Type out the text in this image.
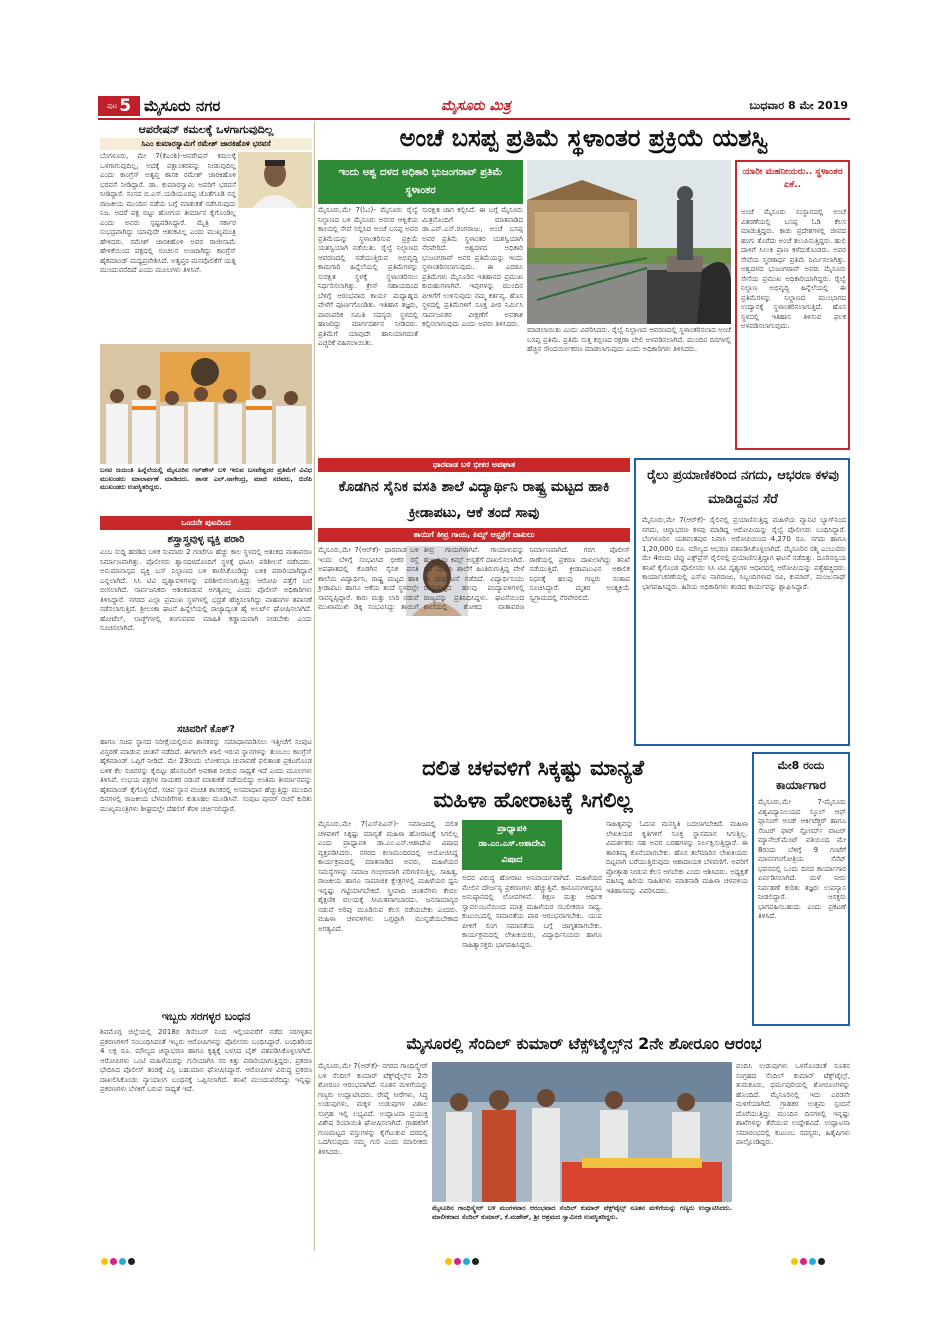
ಪುಟ 5 ಮೈಸೂರು ನಗರ	ಮೈಸೂರು ಮಿತ್ರ	ಬುಧವಾರ 8 ಮೇ 2019
ಆಪರೇಷನ್ ಕಮಲಕ್ಕೆ ಒಳಗಾಗುವುದಿಲ್ಲ
ಸಿಎಂ ಕುಮಾರಸ್ವಾಮಿಗೆ ರಮೇಶ್ ಜಾರಕಿಹೊಳಿ ಭರವಸೆ
ಬೆಂಗಳೂರು, ಮೇ 7(ಕೆಎಂಶಿ)-ಆಪರೇಷನ್ ಕಮಲಕ್ಕೆ ಒಳಗಾಗುವುದಿಲ್ಲ, ಅದಕ್ಕೆ ಪಕ್ಷಾಂತರವನ್ನು ನೀಡುವುದಿಲ್ಲ ಎಂದು ಕಾಂಗ್ರೆಸ್ ಅತೃಪ್ತ ಶಾಸಕ ರಮೇಶ್ ಜಾರಕಿಹೊಳಿ ಭರವಸೆ ನೀಡಿದ್ದಾರೆ. ಡಾ. ಕುಮಾರಸ್ವಾಮಿ ಅವರಿಗೆ ಭರವಸೆ ನೀಡಿದ್ದಾರೆ. ಸಂಸದ ಬಿ.ಎಸ್.ಯಡಿಯೂರಪ್ಪ ಜೊತೆಗೂಡಿ ನನ್ನ ರಾಜಕೀಯ ಮುಂದಿನ ನಡೆಯ ಬಗ್ಗೆ ಮಾತುಕತೆ ನಡೆಸಿರುವುದು ನಿಜ. ಆದರೆ ಪಕ್ಷ ಬಿಟ್ಟು ಹೋಗುವ ತೀರ್ಮಾನ ಕೈಗೊಂಡಿಲ್ಲ ಎಂದು ಅವರು ಸ್ಪಷ್ಟಪಡಿಸಿದ್ದಾರೆ. ಮೈತ್ರಿ ಸರ್ಕಾರ ಸುಭದ್ರವಾಗಿದ್ದು ಯಾವುದೇ ಆತಂಕವಿಲ್ಲ ಎಂದು ಮುಖ್ಯಮಂತ್ರಿ ಹೇಳಿದರು. ರಮೇಶ್ ಜಾರಕಿಹೊಳಿ ಅವರ ರಾಜೀನಾಮೆ ಹೇಳಿಕೆಯಿಂದ ಪಕ್ಷದಲ್ಲಿ ಸಂಚಲನ ಉಂಟಾಗಿದ್ದು ಕಾಂಗ್ರೆಸ್ ಹೈಕಮಾಂಡ್ ಮಧ್ಯಪ್ರವೇಶಿಸಿದೆ. ಅತೃಪ್ತರ ಮನವೊಲಿಕೆಗೆ ಯತ್ನ ಮುಂದುವರೆದಿದೆ ಎಂದು ಮೂಲಗಳು ತಿಳಿಸಿವೆ.
ಬಸವ ಜಯಂತಿ ಹಿನ್ನೆಲೆಯಲ್ಲಿ ಮೈಸೂರಿನ ಗನ್‌ಹೌಸ್ ಬಳಿ ಇರುವ ಬಸವೇಶ್ವರರ ಪ್ರತಿಮೆಗೆ ವಿವಿಧ ಮುಖಂಡರು ಮಾಲಾರ್ಪಣೆ ಮಾಡಿದರು. ಶಾಸಕ ಎಲ್.ನಾಗೇಂದ್ರ, ಮಾಜಿ ಸಚಿವರು, ಬಿಜೆಪಿ ಮುಖಂಡರು ಉಪಸ್ಥಿತರಿದ್ದರು.
ಒಂದನೇ ಪುಟದಿಂದ
ಶಸ್ತ್ರಾಸ್ತ್ರವುಳ್ಳ ವ್ಯಕ್ತಿ ಪರಾರಿ
ಎಂಬ ಸುದ್ದಿ ಹರಡಿದ ಬಳಿಕ ಸುಮಾರು 2 ಗಂಟೆಗೂ ಹೆಚ್ಚು ಕಾಲ ಸ್ಥಳದಲ್ಲಿ ಆತಂಕದ ವಾತಾವರಣ ನಿರ್ಮಾಣವಾಗಿತ್ತು. ಪೊಲೀಸರು ಶ್ವಾನದಳದೊಂದಿಗೆ ಸ್ಥಳಕ್ಕೆ ಧಾವಿಸಿ ಪರಿಶೀಲನೆ ನಡೆಸಿದರು. ಅನುಮಾನಾಸ್ಪದ ವ್ಯಕ್ತಿ ಬಸ್ ನಿಲ್ದಾಣದ ಬಳಿ ಕಾಣಿಸಿಕೊಂಡಿದ್ದು ಬಳಿಕ ಪರಾರಿಯಾಗಿದ್ದಾನೆ ಎನ್ನಲಾಗಿದೆ. ಸಿಸಿ ಟಿವಿ ದೃಶ್ಯಾವಳಿಗಳನ್ನು ಪರಿಶೀಲಿಸಲಾಗುತ್ತಿದ್ದು ಆರೋಪಿ ಪತ್ತೆಗೆ ಬಲೆ ಬೀಸಲಾಗಿದೆ. ಸಾರ್ವಜನಿಕರು ಆತಂಕಪಡುವ ಅಗತ್ಯವಿಲ್ಲ ಎಂದು ಪೊಲೀಸ್ ಅಧಿಕಾರಿಗಳು ತಿಳಿಸಿದ್ದಾರೆ. ನಗರದ ಎಲ್ಲಾ ಪ್ರಮುಖ ಸ್ಥಳಗಳಲ್ಲಿ ಭದ್ರತೆ ಹೆಚ್ಚಿಸಲಾಗಿದ್ದು ವಾಹನಗಳ ತಪಾಸಣೆ ನಡೆಸಲಾಗುತ್ತಿದೆ. ಶ್ರೀಲಂಕಾ ಘಟನೆ ಹಿನ್ನೆಲೆಯಲ್ಲಿ ರಾಜ್ಯಾದ್ಯಂತ ಹೈ ಅಲರ್ಟ್ ಘೋಷಿಸಲಾಗಿದೆ. ಹೋಟೆಲ್, ಲಾಡ್ಜ್‌ಗಳಲ್ಲಿ ತಂಗುವವರ ಮಾಹಿತಿ ಕಡ್ಡಾಯವಾಗಿ ನೀಡಬೇಕು ಎಂದು ಸೂಚಿಸಲಾಗಿದೆ.
ಸಚಿವರಿಗೆ ಕೊಕ್?
ಹಾಗೂ ಸಚಿವ ಸ್ಥಾನದ ನಿರೀಕ್ಷೆಯಲ್ಲಿರುವ ಶಾಸಕರನ್ನು ಸಮಾಧಾನಪಡಿಸಲು ಇತ್ತೀಚೆಗೆ ಸಂಪುಟ ವಿಸ್ತರಣೆ ಮಾಡುವ ಚಿಂತನೆ ನಡೆದಿದೆ. ಈಗಾಗಲೇ ಖಾಲಿ ಇರುವ ಸ್ಥಾನಗಳನ್ನು ತುಂಬಲು ಕಾಂಗ್ರೆಸ್ ಹೈಕಮಾಂಡ್ ಒಪ್ಪಿಗೆ ನೀಡಿದೆ. ಮೇ 23ರಂದು ಲೋಕಸಭಾ ಚುನಾವಣೆ ಫಲಿತಾಂಶ ಪ್ರಕಟಗೊಂಡ ಬಳಿಕ ಕೆಲ ಸಚಿವರನ್ನು ಕೈಬಿಟ್ಟು ಹೊಸಬರಿಗೆ ಅವಕಾಶ ನೀಡುವ ಸಾಧ್ಯತೆ ಇದೆ ಎಂದು ಮೂಲಗಳು ತಿಳಿಸಿವೆ. ಉಭಯ ಪಕ್ಷಗಳ ನಾಯಕರ ನಡುವೆ ಮಾತುಕತೆ ನಡೆಯಲಿದ್ದು ಅಂತಿಮ ತೀರ್ಮಾನವನ್ನು ಹೈಕಮಾಂಡ್ ಕೈಗೊಳ್ಳಲಿದೆ. ಸಚಿವ ಸ್ಥಾನ ವಂಚಿತ ಶಾಸಕರಲ್ಲಿ ಅಸಮಾಧಾನ ಹೆಚ್ಚುತ್ತಿದ್ದು ಮುಂದಿನ ದಿನಗಳಲ್ಲಿ ರಾಜಕೀಯ ಬೆಳವಣಿಗೆಗಳು ಕುತೂಹಲ ಮೂಡಿಸಿವೆ. ಸಂಪುಟ ಪುನರ್ ರಚನೆ ಕುರಿತು ಮುಖ್ಯಮಂತ್ರಿಗಳು ಶೀಘ್ರದಲ್ಲೇ ದೆಹಲಿಗೆ ತೆರಳಿ ಚರ್ಚಿಸಲಿದ್ದಾರೆ.
ಇಬ್ಬರು ಸರಗಳ್ಳರ ಬಂಧನ
ಶಿವಮೊಗ್ಗ ಜಿಲ್ಲೆಯಲ್ಲಿ 2018ರ ಡಿಸೆಂಬರ್ ನಿಂದ ಇಲ್ಲಿಯವರೆಗೆ ನಡೆದ ಸರಗಳ್ಳತನ ಪ್ರಕರಣಗಳಿಗೆ ಸಂಬಂಧಿಸಿದಂತೆ ಇಬ್ಬರು ಆರೋಪಿಗಳನ್ನು ಪೊಲೀಸರು ಬಂಧಿಸಿದ್ದಾರೆ. ಬಂಧಿತರಿಂದ 4 ಲಕ್ಷ ರೂ. ಮೌಲ್ಯದ ಚಿನ್ನಾಭರಣ ಹಾಗೂ ಕೃತ್ಯಕ್ಕೆ ಬಳಸಿದ ಬೈಕ್ ವಶಪಡಿಸಿಕೊಳ್ಳಲಾಗಿದೆ. ಆರೋಪಿಗಳು ಒಂಟಿ ಮಹಿಳೆಯರನ್ನು ಗುರಿಯಾಗಿಸಿ ಸರ ಕಿತ್ತು ಪರಾರಿಯಾಗುತ್ತಿದ್ದರು. ಪ್ರಕರಣ ಭೇದಿಸಿದ ಪೊಲೀಸ್ ತಂಡಕ್ಕೆ ಎಸ್ಪಿ ಬಹುಮಾನ ಘೋಷಿಸಿದ್ದಾರೆ. ಆರೋಪಿಗಳ ವಿರುದ್ಧ ಪ್ರಕರಣ ದಾಖಲಿಸಿಕೊಂಡು ನ್ಯಾಯಾಂಗ ಬಂಧನಕ್ಕೆ ಒಪ್ಪಿಸಲಾಗಿದೆ. ತನಿಖೆ ಮುಂದುವರೆದಿದ್ದು ಇನ್ನಷ್ಟು ಪ್ರಕರಣಗಳು ಬೆಳಕಿಗೆ ಬರುವ ಸಾಧ್ಯತೆ ಇದೆ.
ಅಂಚೆ ಬಸಪ್ಪ ಪ್ರತಿಮೆ ಸ್ಥಳಾಂತರ ಪ್ರಕ್ರಿಯೆ ಯಶಸ್ವಿ
ಇಂದು ಅಶ್ವ ದಳದ ಅಧಿಕಾರಿ ಭುಜಂಗರಾವ್ ಪ್ರತಿಮೆ ಸ್ಥಳಾಂತರ
ಮೈಸೂರು,ಮೇ 7(ಓಂ)- ಮೈಸೂರು ರೈಲ್ವೆ ನಿಲ್ದಾಣದ ಬಳಿ ಮೈಸೂರು ಅರಸರ ಆಳ್ವಿಕೆಯ ಕಾಲದಲ್ಲಿ ಸೇವೆ ಸಲ್ಲಿಸಿದ ಅಂಚೆ ಬಸಪ್ಪ ಅವರ ಪ್ರತಿಮೆಯನ್ನು ಸ್ಥಳಾಂತರಿಸುವ ಪ್ರಕ್ರಿಯೆ ಯಶಸ್ವಿಯಾಗಿ ನಡೆಯಿತು. ರೈಲ್ವೆ ನಿಲ್ದಾಣದ ಆವರಣದಲ್ಲಿ ನಡೆಯುತ್ತಿರುವ ಅಭಿವೃದ್ಧಿ ಕಾಮಗಾರಿ ಹಿನ್ನೆಲೆಯಲ್ಲಿ ಪ್ರತಿಮೆಗಳನ್ನು ಸುರಕ್ಷಿತ ಸ್ಥಳಕ್ಕೆ ಸ್ಥಳಾಂತರಿಸಲು ನಿರ್ಧರಿಸಲಾಗಿತ್ತು. ಕ್ರೇನ್ ಸಹಾಯದಿಂದ ಬೆಳಿಗ್ಗೆ ಆರಂಭವಾದ ಕಾರ್ಯ ಮಧ್ಯಾಹ್ನದ ವೇಳೆಗೆ ಪೂರ್ಣಗೊಂಡಿತು. ಇತಿಹಾಸ ತಜ್ಞರು, ಪಾರಂಪರಿಕ ಸಮಿತಿ ಸದಸ್ಯರು ಸ್ಥಳದಲ್ಲಿ ಹಾಜರಿದ್ದು ಮಾರ್ಗದರ್ಶನ ನೀಡಿದರು. ಪ್ರತಿಮೆಗೆ ಯಾವುದೇ ಹಾನಿಯಾಗದಂತೆ ಎಚ್ಚರಿಕೆ ವಹಿಸಲಾಯಿತು.
ಸುರಕ್ಷಿತ ಜಾಗ ಕಲ್ಪಿಸಿದೆ. ಈ ಬಗ್ಗೆ ಮೈಸೂರು ಮಿತ್ರನೊಂದಿಗೆ ಮಾತನಾಡಿದ ಡಾ.ಎನ್.ಎಸ್.ರಂಗರಾಜು, ಅಂಚೆ ಬಸಪ್ಪ ಅವರ ಪ್ರತಿಮೆ ಸ್ಥಳಾಂತರ ಯಶಸ್ವಿಯಾಗಿ ನೆರವೇರಿದೆ. ಅಶ್ವದಳದ ಅಧಿಕಾರಿ ಭುಜಂಗರಾವ್ ಅವರ ಪ್ರತಿಮೆಯನ್ನು ಇಂದು ಸ್ಥಳಾಂತರಿಸಲಾಗುವುದು. ಈ ಎರಡೂ ಪ್ರತಿಮೆಗಳು ಮೈಸೂರಿನ ಇತಿಹಾಸದ ಪ್ರಮುಖ ಕುರುಹುಗಳಾಗಿವೆ. ಇವುಗಳನ್ನು ಮುಂದಿನ ಪೀಳಿಗೆಗೆ ಉಳಿಸುವುದು ನಮ್ಮ ಕರ್ತವ್ಯ. ಹೊಸ ಸ್ಥಳದಲ್ಲಿ ಪ್ರತಿಮೆಗಳಿಗೆ ಸೂಕ್ತ ಪೀಠ ನಿರ್ಮಿಸಿ ಸಾರ್ವಜನಿಕರ ವೀಕ್ಷಣೆಗೆ ಅವಕಾಶ ಕಲ್ಪಿಸಲಾಗುವುದು ಎಂದು ಅವರು ತಿಳಿಸಿದರು.
ಮಾಡಲಾಯಿತು ಎಂದು ವಿವರಿಸಿದರು. ರೈಲ್ವೆ ನಿಲ್ದಾಣದ ಆವರಣದಲ್ಲಿ ಸ್ಥಳಾಂತರಿಸಲಾದ ಅಂಚೆ ಬಸಪ್ಪ ಪ್ರತಿಮೆ. ಪ್ರತಿಮೆ ಸುತ್ತ ಕಬ್ಬಿಣದ ರಕ್ಷಣಾ ಬೇಲಿ ಅಳವಡಿಸಲಾಗಿದೆ. ಮುಂದಿನ ದಿನಗಳಲ್ಲಿ ಹೆಚ್ಚಿನ ಸೌಂದರ್ಯೀಕರಣ ಮಾಡಲಾಗುವುದು ಎಂದು ಅಧಿಕಾರಿಗಳು ತಿಳಿಸಿದರು.
ಯಾರೀ ಮಹನೀಯರು.. ಸ್ಥಳಾಂತರ ಏಕೆ..
ಅಂಚೆ ಮೈಸೂರು ಸಂಸ್ಥಾನದಲ್ಲಿ ಅಂಚೆ ವಿತರಣೆಯಲ್ಲಿ ಬಸಪ್ಪ ಓಡಿ ಕೆಲಸ ಮಾಡುತ್ತಿದ್ದರು. ಕಾಡು ಪ್ರದೇಶಗಳಲ್ಲಿ ಜೀವದ ಹಂಗು ತೊರೆದು ಅಂಚೆ ತಲುಪಿಸುತ್ತಿದ್ದರು. ಹುಲಿ ದಾಳಿಗೆ ಸಿಲುಕಿ ಪ್ರಾಣ ಕಳೆದುಕೊಂಡರು. ಅವರ ಸೇವೆಯ ಸ್ಮರಣಾರ್ಥ ಪ್ರತಿಮೆ ನಿರ್ಮಿಸಲಾಗಿತ್ತು. ಅಶ್ವದಳದ ಭುಜಂಗರಾವ್ ಅವರು ಮೈಸೂರು ಸೇನೆಯ ಪ್ರಮುಖ ಅಧಿಕಾರಿಯಾಗಿದ್ದರು. ರೈಲ್ವೆ ನಿಲ್ದಾಣ ಅಭಿವೃದ್ಧಿ ಹಿನ್ನೆಲೆಯಲ್ಲಿ ಈ ಪ್ರತಿಮೆಗಳನ್ನು ನಿಲ್ದಾಣದ ಮುಂಭಾಗದ ಉದ್ಯಾನಕ್ಕೆ ಸ್ಥಳಾಂತರಿಸಲಾಗುತ್ತಿದೆ. ಹೊಸ ಸ್ಥಳದಲ್ಲಿ ಇತಿಹಾಸ ತಿಳಿಸುವ ಫಲಕ ಅಳವಡಿಸಲಾಗುವುದು.
ಧಾರವಾಡ ಬಳಿ ಭೀಕರ ಅಪಘಾತ
ಕೊಡಗಿನ ಸೈನಿಕ ವಸತಿ ಶಾಲೆ ವಿದ್ಯಾರ್ಥಿನಿ ರಾಷ್ಟ್ರ ಮಟ್ಟದ ಹಾಕಿ ಕ್ರೀಡಾಪಟು, ಆಕೆ ತಂದೆ ಸಾವು
ತಾಯಿಗೆ ತೀವ್ರ ಗಾಯ, ಕಿಮ್ಸ್ ಆಸ್ಪತ್ರೆಗೆ ದಾಖಲು
ಮೈಸೂರು,ಮೇ 7(ಆರ್‌ಕೆ)- ಧಾರವಾಡ ಬಳಿ ಇಂದು ಬೆಳಿಗ್ಗೆ ಸಂಭವಿಸಿದ ಭೀಕರ ರಸ್ತೆ ಅಪಘಾತದಲ್ಲಿ ಕೊಡಗಿನ ಸೈನಿಕ ವಸತಿ ಶಾಲೆಯ ವಿದ್ಯಾರ್ಥಿನಿ, ರಾಷ್ಟ್ರ ಮಟ್ಟದ ಹಾಕಿ ಕ್ರೀಡಾಪಟು ಹಾಗೂ ಆಕೆಯ ತಂದೆ ಸ್ಥಳದಲ್ಲೇ ಸಾವನ್ನಪ್ಪಿದ್ದಾರೆ. ಕಾರು ಮತ್ತು ಲಾರಿ ನಡುವೆ ಮುಖಾಮುಖಿ ಡಿಕ್ಕಿ ಸಂಭವಿಸಿದ್ದು ತಾಯಿಗೆ ತೀವ್ರ ಗಾಯಗಳಾಗಿವೆ. ಗಾಯಾಳುವನ್ನು ಹುಬ್ಬಳ್ಳಿಯ ಕಿಮ್ಸ್ ಆಸ್ಪತ್ರೆಗೆ ದಾಖಲಿಸಲಾಗಿದೆ. ರಜೆ ಮುಗಿಸಿ ಶಾಲೆಗೆ ಹಿಂತಿರುಗುತ್ತಿದ್ದ ವೇಳೆ ಈ ದುರ್ಘಟನೆ ನಡೆದಿದೆ. ವಿದ್ಯಾರ್ಥಿನಿಯು ರಾಷ್ಟ್ರಮಟ್ಟದ ಹಲವು ಪಂದ್ಯಾವಳಿಗಳಲ್ಲಿ ರಾಜ್ಯವನ್ನು ಪ್ರತಿನಿಧಿಸಿದ್ದಳು. ಘಟನೆಯಿಂದ ಶಾಲೆಯಲ್ಲಿ ಶೋಕದ ವಾತಾವರಣ ನಿರ್ಮಾಣವಾಗಿದೆ. ಗರಗ ಪೊಲೀಸ್ ಠಾಣೆಯಲ್ಲಿ ಪ್ರಕರಣ ದಾಖಲಾಗಿದ್ದು ತನಿಖೆ ನಡೆಯುತ್ತಿದೆ. ಕ್ರೀಡಾಪಟುವಿನ ಅಕಾಲಿಕ ನಿಧನಕ್ಕೆ ಹಲವು ಗಣ್ಯರು ಸಂತಾಪ ಸೂಚಿಸಿದ್ದಾರೆ. ಮೃತರ ಅಂತ್ಯಕ್ರಿಯೆ ಸ್ವಗ್ರಾಮದಲ್ಲಿ ನೆರವೇರಲಿದೆ.
ರೈಲು ಪ್ರಯಾಣಿಕರಿಂದ ನಗದು, ಆಭರಣ ಕಳವು ಮಾಡಿದ್ದವನ ಸೆರೆ
ಮೈಸೂರು,ಮೇ 7(ಆರ್‌ಕೆ)- ರೈಲಿನಲ್ಲಿ ಪ್ರಯಾಣಿಸುತ್ತಿದ್ದ ಮಹಿಳೆಯ ವ್ಯಾನಿಟಿ ಬ್ಯಾಗ್‌ನಿಂದ ನಗದು, ಚಿನ್ನಾಭರಣ ಕಳವು ಮಾಡಿದ್ದ ಆರೋಪಿಯನ್ನು ರೈಲ್ವೆ ಪೊಲೀಸರು ಬಂಧಿಸಿದ್ದಾರೆ. ಬೆಂಗಳೂರಿನ ಯಶವಂತಪುರ ನಿವಾಸಿ ಆರೋಪಿಯಿಂದ 4,270 ರೂ. ನಗದು ಹಾಗೂ 1,20,000 ರೂ. ಮೌಲ್ಯದ ಆಭರಣ ವಶಪಡಿಸಿಕೊಳ್ಳಲಾಗಿದೆ. ಮೈಸೂರಿನ ರಶ್ಮಿ ಎಂಬುವರು ಮೇ 4ರಂದು ಟಿಪ್ಪು ಎಕ್ಸ್‌ಪ್ರೆಸ್ ರೈಲಿನಲ್ಲಿ ಪ್ರಯಾಣಿಸುತ್ತಿದ್ದಾಗ ಘಟನೆ ನಡೆದಿತ್ತು. ದೂರಿನನ್ವಯ ತನಿಖೆ ಕೈಗೊಂಡ ಪೊಲೀಸರು ಸಿಸಿ ಟಿವಿ ದೃಶ್ಯಗಳ ಆಧಾರದಲ್ಲಿ ಆರೋಪಿಯನ್ನು ಪತ್ತೆಹಚ್ಚಿದರು. ಕಾರ್ಯಾಚರಣೆಯಲ್ಲಿ ಎಸ್‌ಐ ನಾಗರಾಜು, ಸಿಬ್ಬಂದಿಗಳಾದ ರವಿ, ಕುಮಾರ್, ಮಂಜುನಾಥ್ ಭಾಗವಹಿಸಿದ್ದರು. ಹಿರಿಯ ಅಧಿಕಾರಿಗಳು ತಂಡದ ಕಾರ್ಯವನ್ನು ಶ್ಲಾಘಿಸಿದ್ದಾರೆ.
ದಲಿತ ಚಳವಳಿಗೆ ಸಿಕ್ಕಷ್ಟು ಮಾನ್ಯತೆ
ಮಹಿಳಾ ಹೋರಾಟಕ್ಕೆ ಸಿಗಲಿಲ್ಲ
ಮೈಸೂರು,ಮೇ 7(ಎಸ್‌ಪಿಎನ್)- ಸಮಾಜದಲ್ಲಿ ದಲಿತ ಚಳವಳಿಗೆ ಸಿಕ್ಕಷ್ಟು ಮಾನ್ಯತೆ ಮಹಿಳಾ ಹೋರಾಟಕ್ಕೆ ಸಿಗಲಿಲ್ಲ ಎಂದು ಪ್ರಾಧ್ಯಾಪಕಿ ಡಾ.ಎಂ.ಎಸ್.ಆಶಾದೇವಿ ವಿಷಾದ ವ್ಯಕ್ತಪಡಿಸಿದರು. ನಗರದ ಕಲಾಮಂದಿರದಲ್ಲಿ ಆಯೋಜಿಸಿದ್ದ ಕಾರ್ಯಕ್ರಮದಲ್ಲಿ ಮಾತನಾಡಿದ ಅವರು, ಮಹಿಳೆಯರ ಸಮಸ್ಯೆಗಳನ್ನು ಸಮಾಜ ಗಂಭೀರವಾಗಿ ಪರಿಗಣಿಸುತ್ತಿಲ್ಲ. ಸಾಹಿತ್ಯ, ರಾಜಕೀಯ ಹಾಗೂ ಸಾಮಾಜಿಕ ಕ್ಷೇತ್ರಗಳಲ್ಲಿ ಮಹಿಳೆಯರ ಧ್ವನಿ ಇನ್ನಷ್ಟು ಗಟ್ಟಿಯಾಗಬೇಕಿದೆ. ಸ್ತ್ರೀವಾದಿ ಚಿಂತನೆಗಳು ಕೇವಲ ಶೈಕ್ಷಣಿಕ ವಲಯಕ್ಕೆ ಸೀಮಿತವಾಗಬಾರದು. ಜನಸಾಮಾನ್ಯರ ನಡುವೆ ಅರಿವು ಮೂಡಿಸುವ ಕೆಲಸ ನಡೆಯಬೇಕು ಎಂದರು. ಮಹಿಳಾ ಚಳವಳಿಗಳು ಒಗ್ಗಟ್ಟಾಗಿ ಮುನ್ನಡೆಯಬೇಕಾದ ಅಗತ್ಯವಿದೆ.
ಪ್ರಾಧ್ಯಾಪಕಿ
ಡಾ.ಎಂ.ಎಸ್.ಆಶಾದೇವಿ
ವಿಷಾದ
ಅದರ ವಿರುದ್ಧ ಹೋರಾಟ ಅನಿವಾರ್ಯವಾಗಿದೆ. ಮಹಿಳೆಯರ ಮೇಲಿನ ದೌರ್ಜನ್ಯ ಪ್ರಕರಣಗಳು ಹೆಚ್ಚುತ್ತಿವೆ. ಕಾನೂನುಗಳಿದ್ದರೂ ಅನುಷ್ಠಾನದಲ್ಲಿ ಲೋಪಗಳಿವೆ. ಶಿಕ್ಷಣ ಮತ್ತು ಆರ್ಥಿಕ ಸ್ವಾವಲಂಬನೆಯಿಂದ ಮಾತ್ರ ಮಹಿಳೆಯರ ಸಬಲೀಕರಣ ಸಾಧ್ಯ. ಕುಟುಂಬದಲ್ಲಿ ಸಮಾನತೆಯ ಪಾಠ ಆರಂಭವಾಗಬೇಕು. ಯುವ ಪೀಳಿಗೆ ಲಿಂಗ ಸಮಾನತೆಯ ಬಗ್ಗೆ ಜಾಗೃತರಾಗಬೇಕು. ಕಾರ್ಯಕ್ರಮದಲ್ಲಿ ಲೇಖಕಿಯರು, ವಿದ್ಯಾರ್ಥಿನಿಯರು ಹಾಗೂ ಸಾಹಿತ್ಯಾಸಕ್ತರು ಭಾಗವಹಿಸಿದ್ದರು.
ಸಾಹಿತ್ಯವನ್ನು ಓದುವ ಮನಸ್ಥಿತಿ ಬದಲಾಗಬೇಕಿದೆ. ಮಹಿಳಾ ಲೇಖಕಿಯರ ಕೃತಿಗಳಿಗೆ ಸೂಕ್ತ ಸ್ಥಾನಮಾನ ಸಿಗುತ್ತಿಲ್ಲ. ವಿಮರ್ಶಕರು ಸಹ ಅವರ ಬರಹಗಳನ್ನು ನಿರ್ಲಕ್ಷಿಸುತ್ತಿದ್ದಾರೆ. ಈ ತಾರತಮ್ಯ ಕೊನೆಯಾಗಬೇಕು. ಹೊಸ ತಲೆಮಾರಿನ ಲೇಖಕಿಯರು ದಿಟ್ಟವಾಗಿ ಬರೆಯುತ್ತಿರುವುದು ಆಶಾದಾಯಕ ಬೆಳವಣಿಗೆ. ಅವರಿಗೆ ಪ್ರೋತ್ಸಾಹ ನೀಡುವ ಕೆಲಸ ಆಗಬೇಕು ಎಂದು ಆಶಿಸಿದರು. ಅಧ್ಯಕ್ಷತೆ ವಹಿಸಿದ್ದ ಹಿರಿಯ ಸಾಹಿತಿಗಳು ಮಾತನಾಡಿ ಮಹಿಳಾ ಚಳವಳಿಯ ಇತಿಹಾಸವನ್ನು ವಿವರಿಸಿದರು.
ಮೇ8 ರಂದು
ಕಾರ್ಯಾಗಾರ
ಮೈಸೂರು,ಮೇ 7-ಮೈಸೂರು ವಿಶ್ವವಿದ್ಯಾನಿಲಯದ ಸ್ಕೂಲ್ ಆಫ್ ಪ್ಲಾನಿಂಗ್ ಅಂಡ್ ಆರ್ಕಿಟೆಕ್ಚರ್ ಹಾಗೂ ಸೆಂಟರ್ ಫಾರ್ ಸ್ಟೋರ್ಮ್ ವಾಟರ್ ಮ್ಯಾನೇಜ್‌ಮೆಂಟ್ ವತಿಯಿಂದ ಮೇ 8ರಂದು ಬೆಳಿಗ್ಗೆ 9 ಗಂಟೆಗೆ ಮಾನಸಗಂಗೋತ್ರಿಯ ಸೆನೆಟ್ ಭವನದಲ್ಲಿ ಒಂದು ದಿನದ ಕಾರ್ಯಾಗಾರ ಏರ್ಪಡಿಸಲಾಗಿದೆ. ಮಳೆ ನೀರು ನಿರ್ವಹಣೆ ಕುರಿತು ತಜ್ಞರು ಉಪನ್ಯಾಸ ನೀಡಲಿದ್ದಾರೆ. ಆಸಕ್ತರು ಭಾಗವಹಿಸಬಹುದು ಎಂದು ಪ್ರಕಟಣೆ ತಿಳಿಸಿದೆ.
ಮೈಸೂರಲ್ಲಿ ಸೆಂದಿಲ್ ಕುಮಾರ್ ಟೆಕ್ಸ್‌ಟೈಲ್ಸ್‌ನ 2ನೇ ಶೋರೂಂ ಆರಂಭ
ಮೈಸೂರು,ಮೇ 7(ಆರ್‌ಕೆ)- ನಗರದ ಗಾಂಧಿಸ್ಕ್ವೇರ್ ಬಳಿ ಸೆಂದಿಲ್ ಕುಮಾರ್ ಟೆಕ್ಸ್‌ಟೈಲ್ಸ್‌ನ 2ನೇ ಶೋರೂಂ ಆರಂಭವಾಗಿದೆ. ನೂತನ ಮಳಿಗೆಯನ್ನು ಗಣ್ಯರು ಉದ್ಘಾಟಿಸಿದರು. ರೇಷ್ಮೆ ಸೀರೆಗಳು, ಸಿದ್ಧ ಉಡುಪುಗಳು, ಮಕ್ಕಳ ಉಡುಪುಗಳ ವಿಶಾಲ ಸಂಗ್ರಹ ಇಲ್ಲಿ ಲಭ್ಯವಿದೆ. ಉದ್ಘಾಟನಾ ಪ್ರಯುಕ್ತ ವಿಶೇಷ ರಿಯಾಯಿತಿ ಘೋಷಿಸಲಾಗಿದೆ. ಗ್ರಾಹಕರಿಗೆ ಗುಣಮಟ್ಟದ ವಸ್ತುಗಳನ್ನು ಕೈಗೆಟುಕುವ ದರದಲ್ಲಿ ಒದಗಿಸುವುದು ನಮ್ಮ ಗುರಿ ಎಂದು ಮಾಲೀಕರು ತಿಳಿಸಿದರು.
ಮೈಸೂರಿನ ಗಾಂಧಿಸ್ಕ್ವೇರ್ ಬಳಿ ಮಂಗಳವಾರ ಆರಂಭವಾದ ಸೆಂದಿಲ್ ಕುಮಾರ್ ಟೆಕ್ಸ್‌ಟೈಲ್ಸ್ ನೂತನ ಮಳಿಗೆಯನ್ನು ಗಣ್ಯರು ಉದ್ಘಾಟಿಸಿದರು. ಮಾಲೀಕರಾದ ಸೆಂದಿಲ್ ಕುಮಾರ್, ಕೆ.ಮಹೇಶ್, ಶ್ರೀ ಆಶ್ರಮದ ಸ್ವಾಮೀಜಿ ಉಪಸ್ಥಿತರಿದ್ದರು.
ವಂದಿಸಿ ಉಡುಪುಗಳು ಒಳಗೊಂಡಂತೆ ನೂತನ ಸಂಗ್ರಹದ ಸೆಂದಿಲ್ ಕುಮಾರ್ ಟೆಕ್ಸ್‌ಟೈಲ್ಸ್, ತುಮಕೂರು, ಧರ್ಮಪುರಿಯಲ್ಲಿ ಶೋರೂಂಗಳನ್ನು ಹೊಂದಿದೆ. ಮೈಸೂರಿನಲ್ಲಿ ಇದು ಎರಡನೇ ಮಳಿಗೆಯಾಗಿದೆ. ಗ್ರಾಹಕರ ಉತ್ತಮ ಸ್ಪಂದನೆ ದೊರೆಯುತ್ತಿದ್ದು ಮುಂದಿನ ದಿನಗಳಲ್ಲಿ ಇನ್ನಷ್ಟು ಶಾಖೆಗಳನ್ನು ತೆರೆಯುವ ಉದ್ದೇಶವಿದೆ. ಉದ್ಘಾಟನಾ ಸಮಾರಂಭದಲ್ಲಿ ಕುಟುಂಬ ಸದಸ್ಯರು, ಹಿತೈಷಿಗಳು ಪಾಲ್ಗೊಂಡಿದ್ದರು.
